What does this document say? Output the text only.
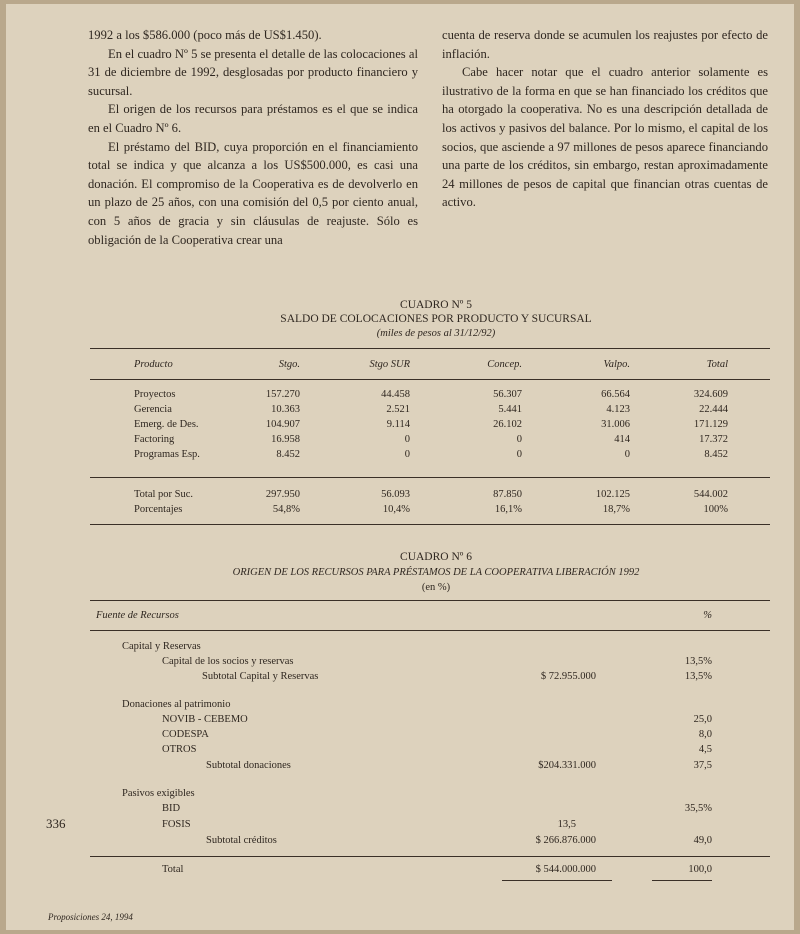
1992 a los $586.000 (poco más de US$1.450).

En el cuadro Nº 5 se presenta el detalle de las colocaciones al 31 de diciembre de 1992, desglosadas por producto financiero y sucursal.

El origen de los recursos para préstamos es el que se indica en el Cuadro Nº 6.

El préstamo del BID, cuya proporción en el financiamiento total se indica y que alcanza a los US$500.000, es casi una donación. El compromiso de la Cooperativa es de devolverlo en un plazo de 25 años, con una comisión del 0,5 por ciento anual, con 5 años de gracia y sin cláusulas de reajuste. Sólo es obligación de la Cooperativa crear una

cuenta de reserva donde se acumulen los reajustes por efecto de inflación.

Cabe hacer notar que el cuadro anterior solamente es ilustrativo de la forma en que se han financiado los créditos que ha otorgado la cooperativa. No es una descripción detallada de los activos y pasivos del balance. Por lo mismo, el capital de los socios, que asciende a 97 millones de pesos aparece financiando una parte de los créditos, sin embargo, restan aproximadamente 24 millones de pesos de capital que financian otras cuentas de activo.

CUADRO Nº 5
SALDO DE COLOCACIONES POR PRODUCTO Y SUCURSAL
(miles de pesos al 31/12/92)
Producto	Stgo.	Stgo SUR	Concep.	Valpo.	Total
Proyectos	157.270	44.458	56.307	66.564	324.609
Gerencia	10.363	2.521	5.441	4.123	22.444
Emerg. de Des.	104.907	9.114	26.102	31.006	171.129
Factoring	16.958	0	0	414	17.372
Programas Esp.	8.452	0	0	0	8.452
Total por Suc.	297.950	56.093	87.850	102.125	544.002
Porcentajes	54,8%	10,4%	16,1%	18,7%	100%
CUADRO Nº 6
ORIGEN DE LOS RECURSOS PARA PRÉSTAMOS DE LA COOPERATIVA LIBERACIÓN 1992
(en %)
Fuente de Recursos	%
Capital y Reservas
Capital de los socios y reservas	13,5%
Subtotal Capital y Reservas	$ 72.955.000	13,5%
Donaciones al patrimonio
NOVIB - CEBEMO	25,0
CODESPA	8,0
OTROS	4,5
Subtotal donaciones	$204.331.000	37,5
Pasivos exigibles
BID	35,5%
FOSIS	13,5
Subtotal créditos	$ 266.876.000	49,0
Total	$ 544.000.000	100,0
336
Proposiciones 24, 1994
